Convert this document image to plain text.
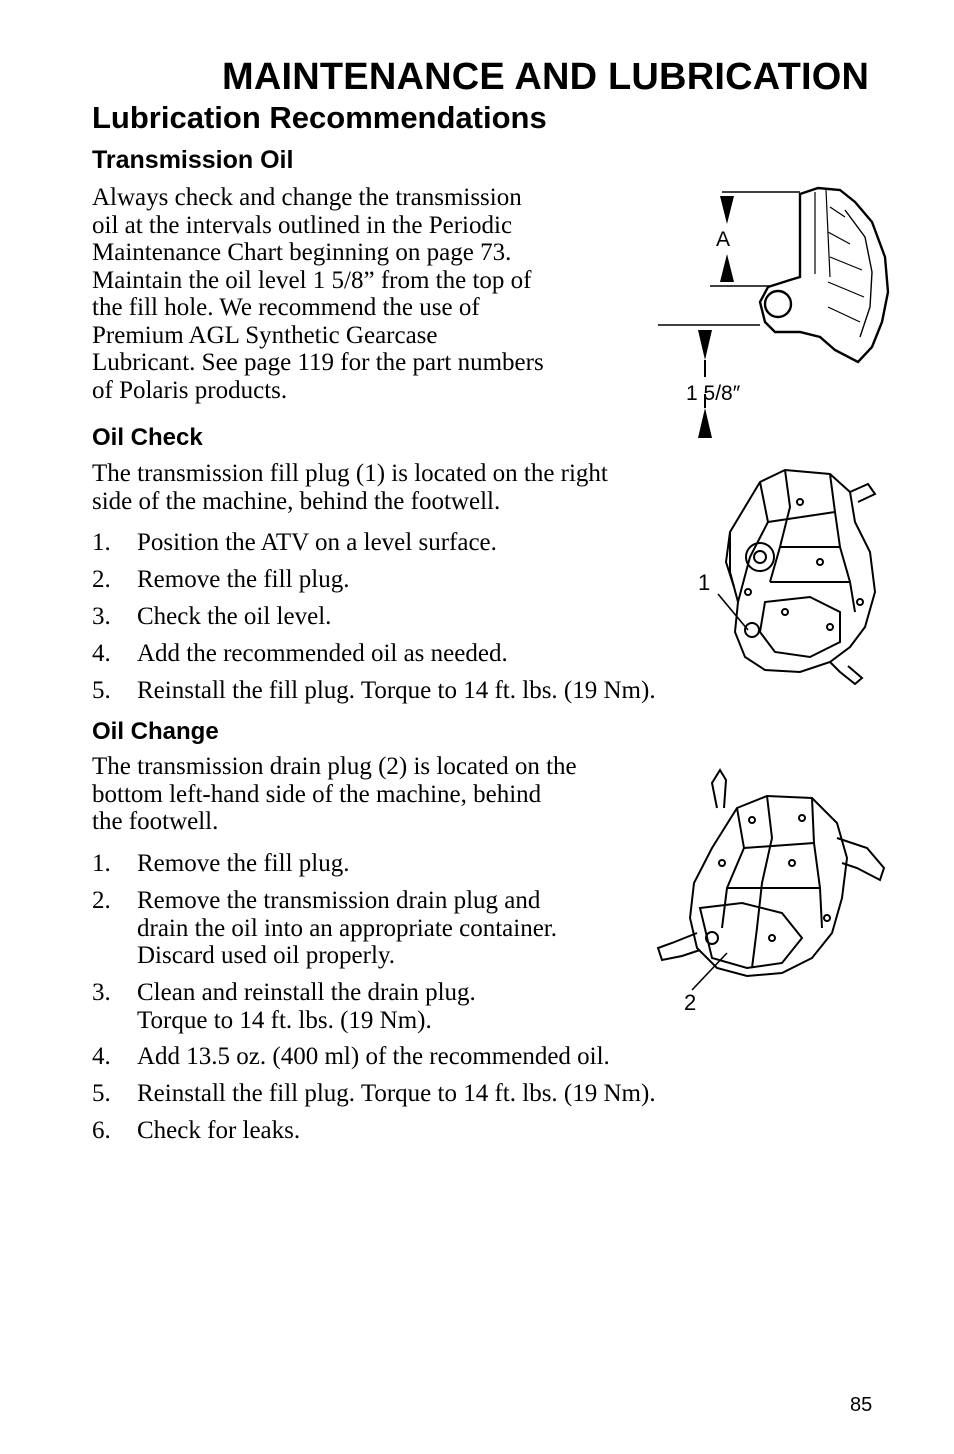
MAINTENANCE AND LUBRICATION
Lubrication Recommendations
Transmission Oil
Always check and change the transmission
oil at the intervals outlined in the Periodic
Maintenance Chart beginning on page 73.
Maintain the oil level 1 5/8” from the top of
the fill hole. We recommend the use of
Premium AGL Synthetic Gearcase
Lubricant. See page 119 for the part numbers
of Polaris products.
A
1 5/8″
Oil Check
The transmission fill plug (1) is located on the right
side of the machine, behind the footwell.
1.	Position the ATV on a level surface.
2.	Remove the fill plug.
3.	Check the oil level.
4.	Add the recommended oil as needed.
5.	Reinstall the fill plug. Torque to 14 ft. lbs. (19 Nm).
1
Oil Change
The transmission drain plug (2) is located on the
bottom left-hand side of the machine, behind
the footwell.
1.	Remove the fill plug.
2.	Remove the transmission drain plug and
drain the oil into an appropriate container.
Discard used oil properly.
3.	Clean and reinstall the drain plug.
Torque to 14 ft. lbs. (19 Nm).
4.	Add 13.5 oz. (400 ml) of the recommended oil.
5.	Reinstall the fill plug. Torque to 14 ft. lbs. (19 Nm).
6.	Check for leaks.
2
85
